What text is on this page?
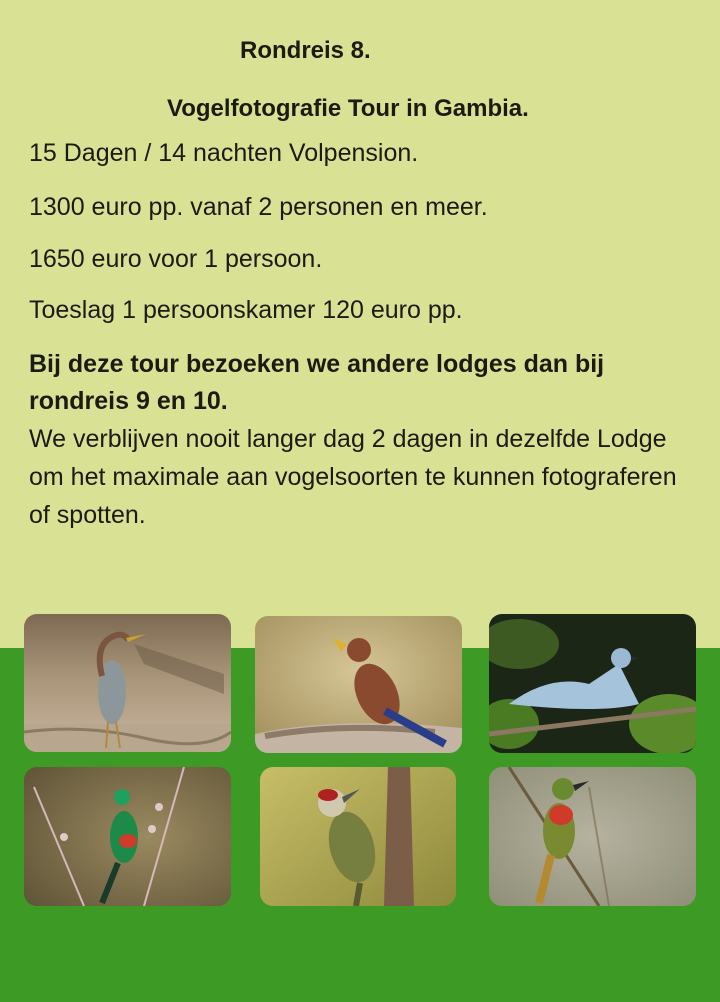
Rondreis 8.
Vogelfotografie Tour in Gambia.
15 Dagen / 14 nachten Volpension.
1300 euro pp. vanaf 2 personen en meer.
1650 euro voor 1 persoon.
Toeslag 1 persoonskamer 120 euro pp.
Bij deze tour bezoeken we andere lodges dan bij rondreis 9 en 10.
We verblijven nooit langer dag 2 dagen in dezelfde Lodge om het maximale aan vogelsoorten te kunnen fotograferen of spotten.
